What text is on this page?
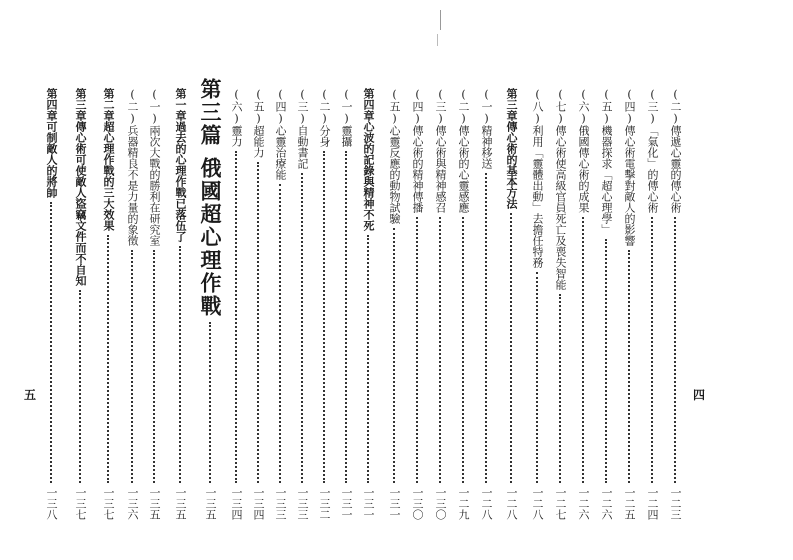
(二)
傳遞心靈的傳心術
一二三
(三)
「氣化」的傳心術
一二四
(四)
傳心術電擊對敵人的影響
一二五
(五)
機器探求「超心理學」
一二六
(六)
俄國傳心術的成果
一二六
(七)
傳心術使高級官員死亡及喪失智能
一二七
(八)
利用「靈體出動」去擔任特務
一二八
第三章
傳心術的基本方法
一二八
(一)
精神移送
一二八
(二)
傳心術的心靈感應
一二九
(三)
傳心術與精神感召
一三〇
(四)
傳心術的精神傳播
一三〇
(五)
心靈反應的動物試驗
一三一
第四章
心波的記錄與精神不死
一三一
(一)
靈攝
一三一
(二)
分身
一三二
(三)
自動書記
一三三
(四)
心靈治療能
一三三
(五)
超能力
一三四
(六)
靈力
一三四
第三篇
俄國超心理作戰
一三五
第一章
過去的心理作戰已落伍了
一三五
(一)
兩次大戰的勝利在研究室
一三五
(二)
兵器精良不是力量的象徵
一三六
第二章
超心理作戰的三大效果
一三七
第三章
傳心術可使敵人盜竊文件而不自知
一三七
第四章
可制敵人的將帥
一三八
五	四
